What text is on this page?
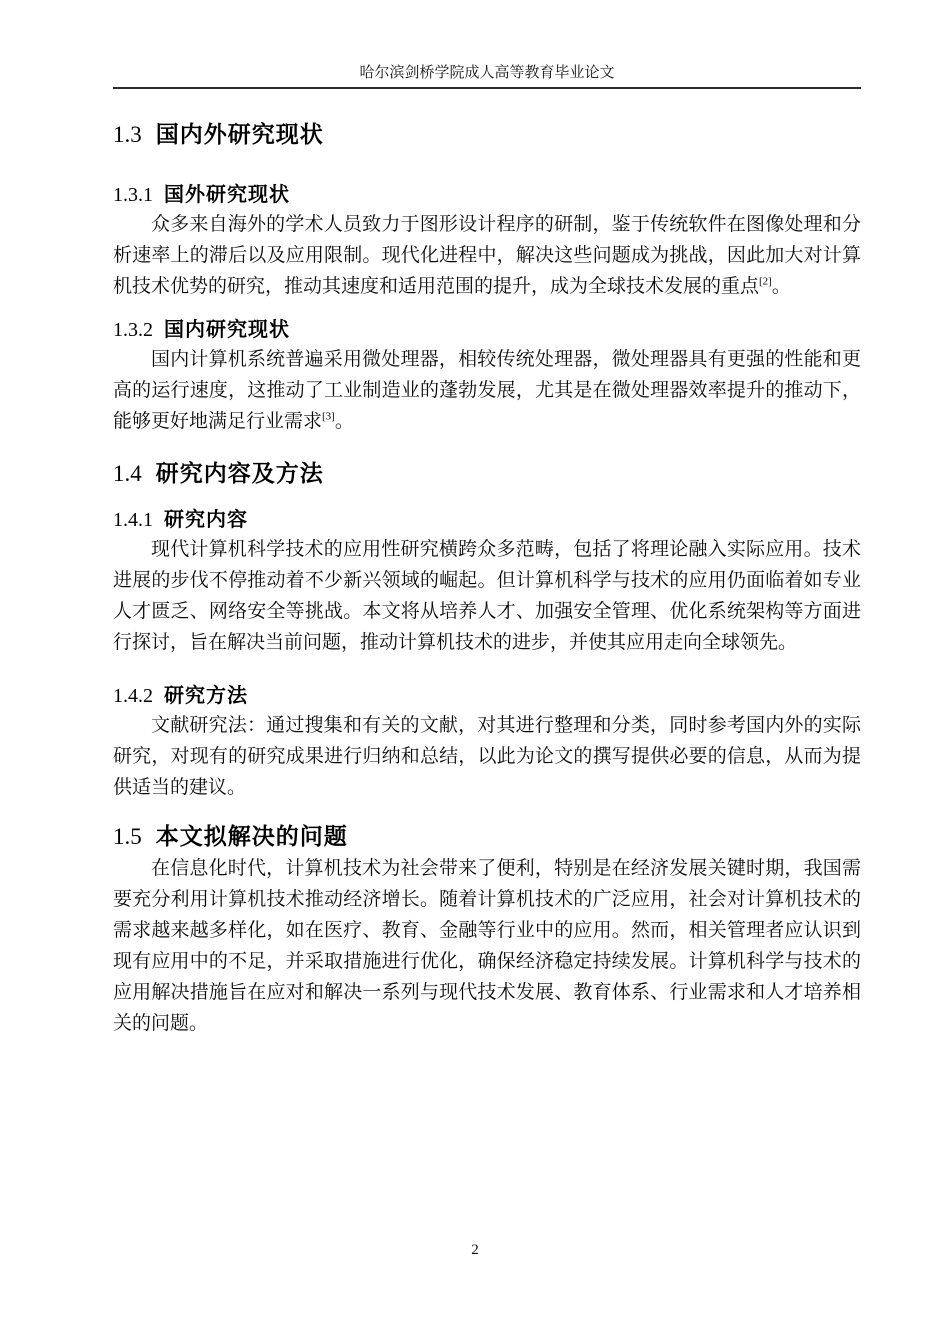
哈尔滨剑桥学院成人高等教育毕业论文
1.3 国内外研究现状
1.3.1 国外研究现状

众多来自海外的学术人员致力于图形设计程序的研制，鉴于传统软件在图像处理和分析速率上的滞后以及应用限制。现代化进程中，解决这些问题成为挑战，因此加大对计算机技术优势的研究，推动其速度和适用范围的提升，成为全球技术发展的重点[2]。

1.3.2 国内研究现状

国内计算机系统普遍采用微处理器，相较传统处理器，微处理器具有更强的性能和更高的运行速度，这推动了工业制造业的蓬勃发展，尤其是在微处理器效率提升的推动下，能够更好地满足行业需求[3]。

1.4 研究内容及方法
1.4.1 研究内容

现代计算机科学技术的应用性研究横跨众多范畴，包括了将理论融入实际应用。技术进展的步伐不停推动着不少新兴领域的崛起。但计算机科学与技术的应用仍面临着如专业人才匮乏、网络安全等挑战。本文将从培养人才、加强安全管理、优化系统架构等方面进行探讨，旨在解决当前问题，推动计算机技术的进步，并使其应用走向全球领先。

1.4.2 研究方法

文献研究法：通过搜集和有关的文献，对其进行整理和分类，同时参考国内外的实际研究，对现有的研究成果进行归纳和总结，以此为论文的撰写提供必要的信息，从而为提供适当的建议。

1.5 本文拟解决的问题

在信息化时代，计算机技术为社会带来了便利，特别是在经济发展关键时期，我国需要充分利用计算机技术推动经济增长。随着计算机技术的广泛应用，社会对计算机技术的需求越来越多样化，如在医疗、教育、金融等行业中的应用。然而，相关管理者应认识到现有应用中的不足，并采取措施进行优化，确保经济稳定持续发展。计算机科学与技术的应用解决措施旨在应对和解决一系列与现代技术发展、教育体系、行业需求和人才培养相关的问题。

2
